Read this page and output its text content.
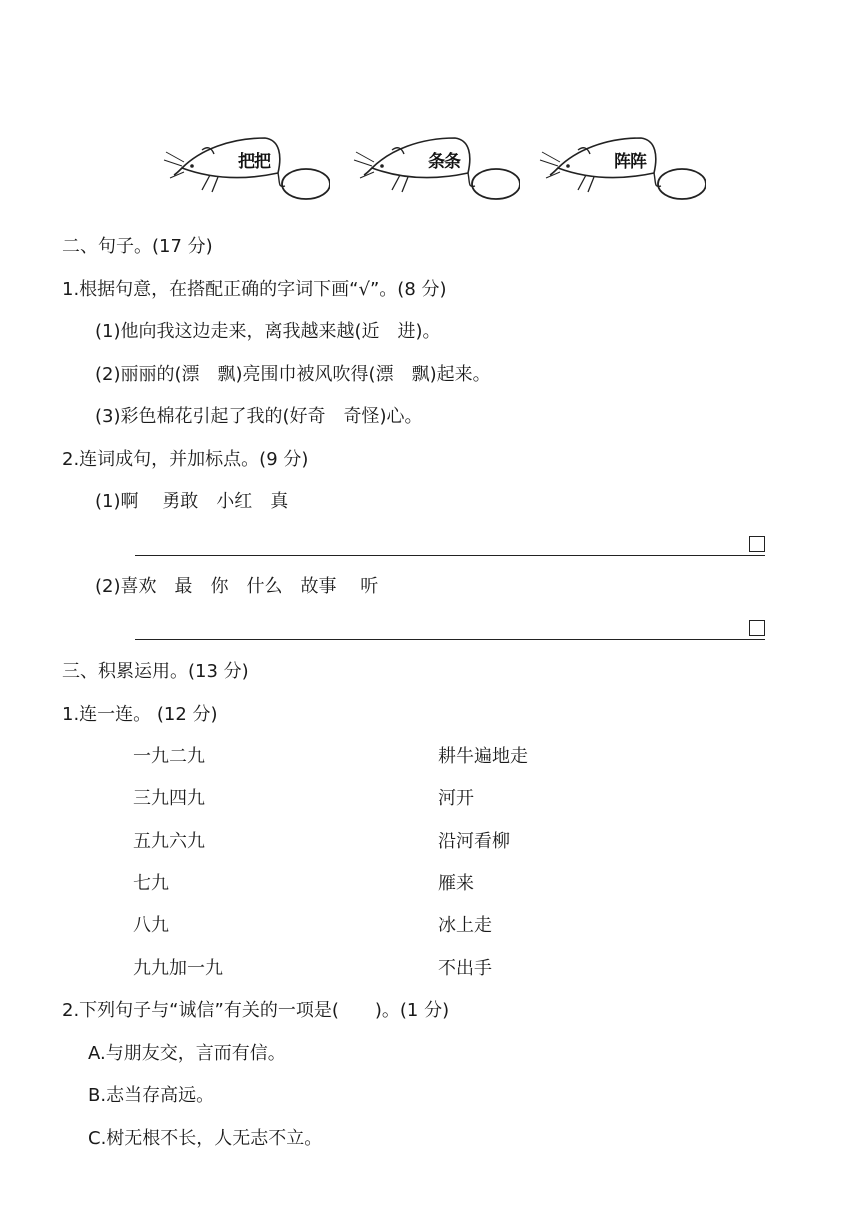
把把	条条	阵阵
二、句子。(17 分)
1.根据句意，在搭配正确的字词下画“√”。(8 分)
(1)他向我这边走来，离我越来越(近　进)。
(2)丽丽的(漂　飘)亮围巾被风吹得(漂　飘)起来。
(3)彩色棉花引起了我的(好奇　奇怪)心。
2.连词成句，并加标点。(9 分)
(1)啊　 勇敢　小红　真
(2)喜欢　最　你　什么　故事　 听
三、积累运用。(13 分)
1.连一连。 (12 分)
一九二九
三九四九
五九六九
七九
八九
九九加一九
耕牛遍地走
河开
沿河看柳
雁来
冰上走
不出手
2.下列句子与“诚信”有关的一项是(　　)。(1 分)
A.与朋友交，言而有信。
B.志当存高远。
C.树无根不长，人无志不立。
